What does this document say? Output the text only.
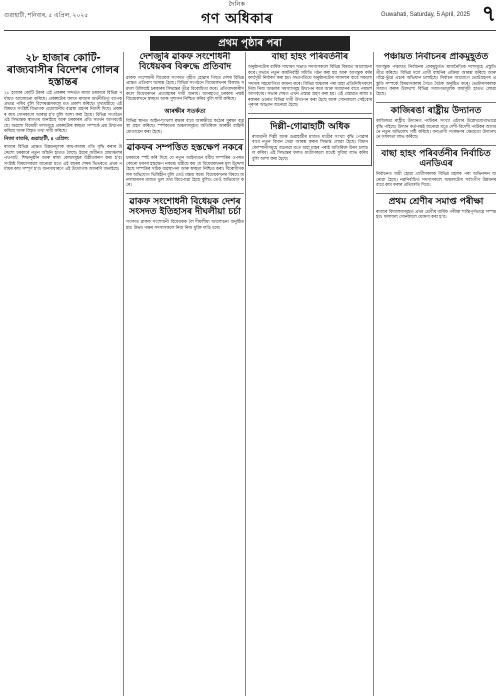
গুৱাহাটী, শনিবাৰ, ৫ এপ্ৰিল, ২০২৫
দৈনিক
গণ অধিকাৰ	Guwahati, Saturday, 5 April, 2025 ৭
প্ৰথম পৃষ্ঠাৰ পৰা
২৮ হাজাৰ কোটি-ৰাজ্যবাসীৰ বিদেশৰ গোলৰ হস্তান্তৰ

২৮ হাজাৰ কোটি টকাৰ এই প্ৰকল্পৰ সন্দৰ্ভত ৰাজ্য চৰকাৰে বিভিন্ন পৰ্যায়ত আলোচনা কৰিছে। প্ৰকল্পটোৰ ফলত ৰাজ্যৰ অৰ্থনীতিত ব্যাপক প্ৰভাৱ পৰিব বুলি বিশেষজ্ঞসকলে মত প্ৰকাশ কৰিছে। মুখ্যমন্ত্ৰীয়ে এই বিষয়ত সংশ্লিষ্ট বিভাগক প্ৰয়োজনীয় ব্যৱস্থা গ্ৰহণৰ নিৰ্দেশ দিছে। প্ৰকল্পৰ কাম সোনকালে আৰম্ভ হ'ব বুলি আশা কৰা হৈছে। বিভিন্ন সংগঠনে এই সিদ্ধান্তক স্বাগতম জনাইছে আৰু চৰকাৰৰ প্ৰতি সমৰ্থন আগবঢ়াইছে। অৱশ্যে বিৰোধী দলসমূহে প্ৰকল্পটোৰ স্বচ্ছতা সম্পৰ্কে প্ৰশ্ন উত্থাপন কৰিছে আৰু বিস্তৃত তথ্য দাবী কৰিছে।

নিজা বাতৰি, গুৱাহাটী, ৪ এপ্ৰিল:

ৰাজ্যৰ বিভিন্ন প্ৰান্তত উন্নয়নমূলক কাম-কাজৰ গতি বৃদ্ধি কৰাৰ উদ্দেশ্যে চৰকাৰে নতুন আঁচনি হাতত লৈছে। ইয়াৰ অধীনত গ্ৰামাঞ্চলৰ পথ-ঘাট, শিক্ষানুষ্ঠান আৰু স্বাস্থ্য কেন্দ্ৰসমূহৰ উন্নীতকৰণ কৰা হ'ব। সংশ্লিষ্ট বিষয়াসকলে জনোৱা মতে এই বছৰৰ শেষৰ ভিতৰতে প্ৰথম পৰ্যায়ৰ কাম সম্পূৰ্ণ হ'ব। জনসাধাৰণে এই উদ্যোগক আদৰণি জনাইছে।

দেশজুৰি ৱাকফ সংশোধনী বিধেয়কৰ বিৰুদ্ধে প্ৰতিবাদ

ৱাকফ সংশোধনী বিধেয়ক সংসদত গৃহীত হোৱাৰ পিছত দেশৰ বিভিন্ন প্ৰান্তত প্ৰতিবাদ আৰম্ভ হৈছে। বিভিন্ন সংগঠনে বিধেয়কখনৰ বিৰুদ্ধে সমদল উলিয়াই চৰকাৰৰ সিদ্ধান্তৰ তীব্ৰ বিৰোধিতা কৰে। প্ৰতিবাদকাৰীসকলে বিধেয়কখন প্ৰত্যাহাৰৰ দাবী জনায়। আনহাতে চৰকাৰ পক্ষই বিধেয়কখনে স্বচ্ছতা আৰু সুশাসন নিশ্চিত কৰিব বুলি দাবী কৰিছে।

আৰক্ষীৰ সতৰ্কতা

বিভিন্ন স্থানত আইন-শৃংখলা ৰক্ষাৰ বাবে আৰক্ষীয়ে কঠোৰ সুৰক্ষা ব্যৱস্থা গ্ৰহণ কৰিছে। স্পৰ্শকাতৰ অঞ্চলসমূহত অতিৰিক্ত আৰক্ষী বাহিনী মোতায়েন কৰা হৈছে।

ৱাকফৰ সম্পত্তিত হস্তক্ষেপ নকৰে

চৰকাৰে স্পষ্ট কৰি দিছে যে নতুন আইনখনে ধৰ্মীয় সম্পত্তিৰ ওপৰত কোনো ধৰণৰ হস্তক্ষেপ নকৰে। মন্ত্ৰীয়ে কয় যে বিধেয়কখনৰ মূল উদ্দেশ্য হৈছে সম্পত্তিৰ সঠিক ব্যৱস্থাপনা আৰু স্বচ্ছতা নিশ্চিত কৰা। বিৰোধীসকলৰ অভিযোগ ভিত্তিহীন বুলি তেওঁ মন্তব্য কৰে। বিধেয়কখনৰ বিষয়ে জনসাধাৰণৰ মাজত ভুল তথ্য বিয়পোৱা হৈছে বুলিও তেওঁ অভিযোগ কৰে।

ৱাকফ সংশোধনী বিধেয়ক দেশৰ সংসদত ইতিহাসৰ দীঘলীয়া চৰ্চা

সংসদত ৱাকফ সংশোধনী বিধেয়কক লৈ দীঘলীয়া আলোচনা অনুষ্ঠিত হয়। উভয় পক্ষৰ সদস্যসকলে নিজ নিজ যুক্তি দাঙি ধৰে।

বাছা হাহং পৰিবৰ্তনীৰ

অনুষ্ঠানটোৰ বাৰ্ষিক সাধাৰণ সভাত সদস্যসকলে বিভিন্ন বিষয়ত আলোচনা কৰে। সভাত নতুন কাৰ্যনিৰ্বাহী সমিতি গঠন কৰা হয় আৰু আগন্তুক বৰ্ষৰ কাৰ্যসূচী নিৰ্ধাৰণ কৰা হয়। সভাপতিয়ে অনুষ্ঠানটোৰ সাফল্যৰ বাবে সকলো সদস্যৰ সহযোগিতা কামনা কৰে। বিভিন্ন অঞ্চলৰ পৰা অহা প্ৰতিনিধিসকলে নিজ নিজ অঞ্চলৰ সমস্যাসমূহ উত্থাপন কৰে আৰু সমাধানৰ বাবে পৰামৰ্শ আগবঢ়ায়। সভাৰ শেষত এখন প্ৰস্তাৱ গ্ৰহণ কৰা হয়। এই প্ৰস্তাৱত ৰাজ্য চৰকাৰৰ ওচৰত বিভিন্ন দাবী উত্থাপন কৰা হৈছে আৰু সোনকালে সেইবোৰ পূৰণৰ আহ্বান জনোৱা হৈছে।

দিল্লী-গোৱাহাটী অধিক

ৰাজধানী দিল্লী আৰু গুৱাহাটীৰ মাজত যাত্ৰীৰ সংখ্যা বৃদ্ধি পোৱাৰ বাবে নতুন বিমান সেৱা আৰম্ভ কৰাৰ সিদ্ধান্ত লোৱা হৈছে। বিমান কোম্পানীসমূহে জনোৱা মতে অহা মাহৰ পৰাই অতিৰিক্ত উৰণ চলাচল কৰিব। এই সিদ্ধান্তৰ ফলত যাত্ৰীসকলে যথেষ্ট সুবিধা লাভ কৰিব বুলি আশা কৰা হৈছে।

পঞ্চায়ত নিৰ্বাচনৰ প্ৰাকমুহূৰ্তত

আগন্তুক পঞ্চায়ত নিৰ্বাচনৰ প্ৰাকমুহূৰ্তত ৰাজনৈতিক দলসমূহে প্ৰস্তুতি তীব্ৰ কৰিছে। বিভিন্ন দলে প্ৰাৰ্থী বাছনিৰ প্ৰক্ৰিয়া আৰম্ভ কৰিছে আৰু গাঁৱে-ভুঁৱে প্ৰচাৰ অভিযান চলাইছে। নিৰ্বাচন আয়োগে ভোটগ্ৰহণৰ প্ৰস্তুতি সম্পৰ্কে বিষয়াসকলৰ সৈতে বৈঠক অনুষ্ঠিত কৰে। ভোটাৰসকলক সজাগ কৰাৰ উদ্দেশ্যে বিভিন্ন সজাগতামূলক কাৰ্যসূচী হাতত লোৱা হৈছে।

কাজিৰঙা ৰাষ্ট্ৰীয় উদ্যানত

কাজিৰঙা ৰাষ্ট্ৰীয় উদ্যানত পৰ্যটকৰ সংখ্যা এইবাৰ উল্লেখযোগ্যভাৱে বৃদ্ধি পাইছে। উদ্যান কৰ্তৃপক্ষই জনোৱা মতে দেশী-বিদেশী পৰ্যটকৰ আগমনে নতুন অভিলেখ সৃষ্টি কৰিছে। বন্যপ্ৰাণী সংৰক্ষণৰ ক্ষেত্ৰতো উদ্যানখনে সফলতা লাভ কৰিছে।

বাছা হাহং পৰিবৰ্তনীৰ নিৰ্বাচিত এনডিএৰ

নিৰ্বাচনত জয়ী হোৱা প্ৰাৰ্থীসকলক বিভিন্ন মহলৰ পৰা অভিনন্দন জনোৱা হৈছে। নৱনিৰ্বাচিত সদস্যসকলে অঞ্চলটোৰ সৰ্বাংগীণ উন্নয়নৰ বাবে কাম কৰাৰ প্ৰতিশ্ৰুতি দিয়ে।

প্ৰথম শ্ৰেণীৰ সমাপ্ত পৰীক্ষা

ৰাজ্যৰ বিদ্যালয়সমূহত প্ৰথম শ্ৰেণীৰ বাৰ্ষিক পৰীক্ষা শান্তিপূৰ্ণভাৱে সম্পন্ন হয়। ফলাফল সোনকালে ঘোষণা কৰা হ'ব।
